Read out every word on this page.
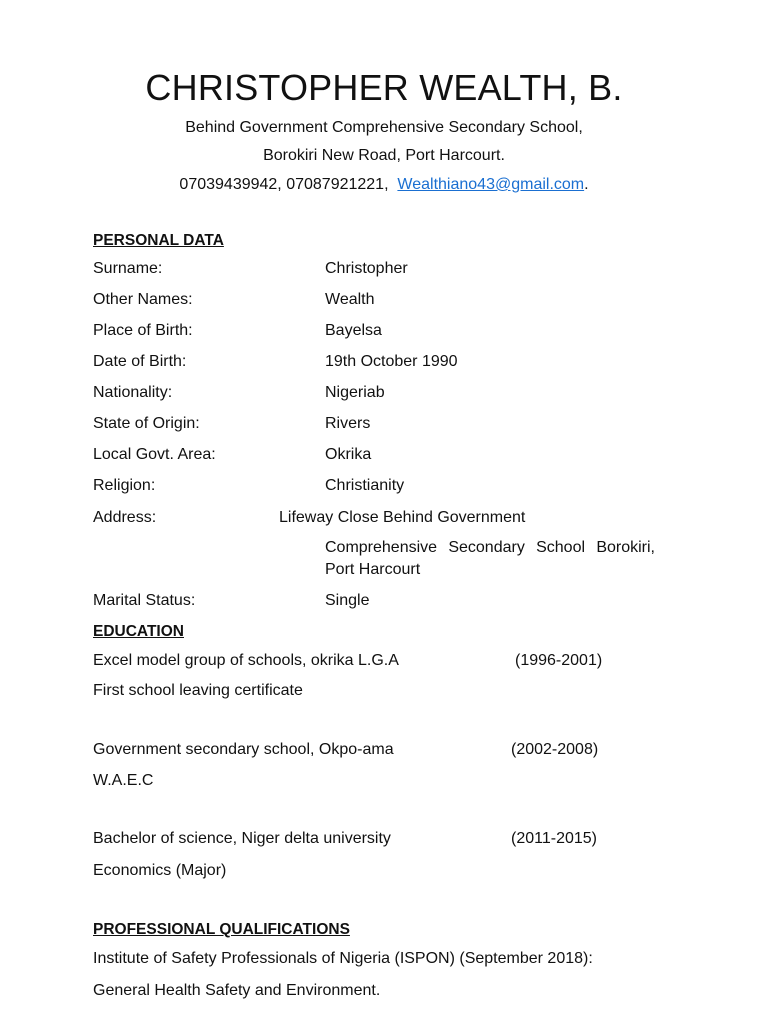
CHRISTOPHER WEALTH, B.
Behind Government Comprehensive Secondary School,
Borokiri New Road, Port Harcourt.
07039439942, 07087921221, Wealthiano43@gmail.com.
PERSONAL DATA
Surname:	Christopher
Other Names:	Wealth
Place of Birth:	Bayelsa
Date of Birth:	19th October 1990
Nationality:	Nigeriab
State of Origin:	Rivers
Local Govt. Area:	Okrika
Religion:	Christianity
Address:	Lifeway Close Behind Government
Comprehensive Secondary School Borokiri, Port Harcourt
Marital Status:	Single
EDUCATION
Excel model group of schools, okrika L.G.A	(1996-2001)
First school leaving certificate
Government secondary school, Okpo-ama	(2002-2008)
W.A.E.C
Bachelor of science, Niger delta university	(2011-2015)
Economics (Major)
PROFESSIONAL QUALIFICATIONS
Institute of Safety Professionals of Nigeria (ISPON) (September 2018):
General Health Safety and Environment.
